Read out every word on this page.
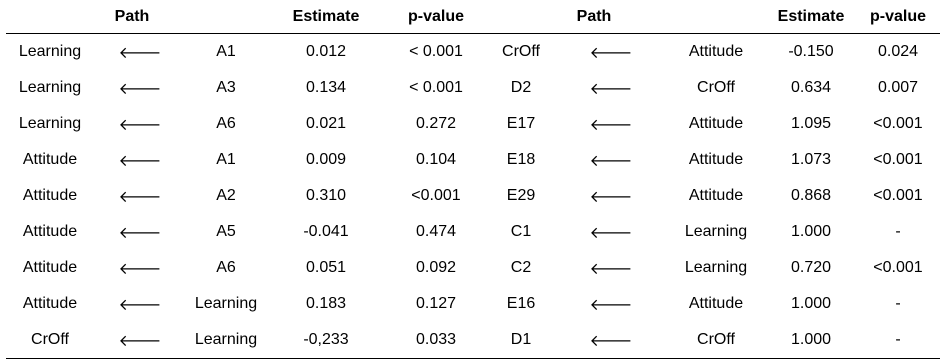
Path			Estimate	p-value	Path			Estimate	p-value
Learning	🡐	A1	0.012	< 0.001	CrOff	🡐	Attitude	-0.150	0.024
Learning	🡐	A3	0.134	< 0.001	D2	🡐	CrOff	0.634	0.007
Learning	🡐	A6	0.021	0.272	E17	🡐	Attitude	1.095	<0.001
Attitude	🡐	A1	0.009	0.104	E18	🡐	Attitude	1.073	<0.001
Attitude	🡐	A2	0.310	<0.001	E29	🡐	Attitude	0.868	<0.001
Attitude	🡐	A5	-0.041	0.474	C1	🡐	Learning	1.000	-
Attitude	🡐	A6	0.051	0.092	C2	🡐	Learning	0.720	<0.001
Attitude	🡐	Learning	0.183	0.127	E16	🡐	Attitude	1.000	-
CrOff	🡐	Learning	-0,233	0.033	D1	🡐	CrOff	1.000	-
